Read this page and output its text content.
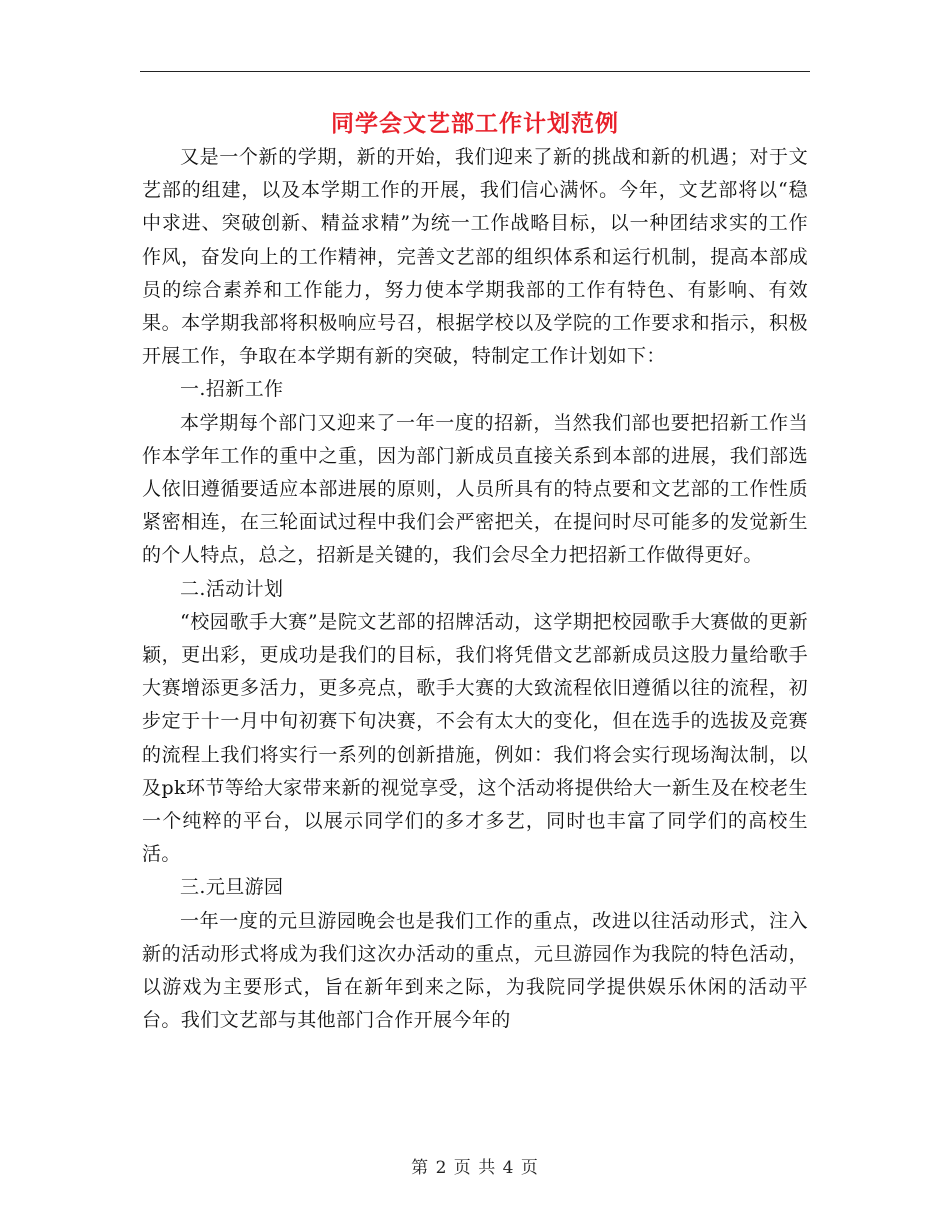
同学会文艺部工作计划范例

又是一个新的学期，新的开始，我们迎来了新的挑战和新的机遇；对于文艺部的组建，以及本学期工作的开展，我们信心满怀。今年，文艺部将以“稳中求进、突破创新、精益求精”为统一工作战略目标，以一种团结求实的工作作风，奋发向上的工作精神，完善文艺部的组织体系和运行机制，提高本部成员的综合素养和工作能力，努力使本学期我部的工作有特色、有影响、有效果。本学期我部将积极响应号召，根据学校以及学院的工作要求和指示，积极开展工作，争取在本学期有新的突破，特制定工作计划如下：

一.招新工作

本学期每个部门又迎来了一年一度的招新，当然我们部也要把招新工作当作本学年工作的重中之重，因为部门新成员直接关系到本部的进展，我们部选人依旧遵循要适应本部进展的原则，人员所具有的特点要和文艺部的工作性质紧密相连，在三轮面试过程中我们会严密把关，在提问时尽可能多的发觉新生的个人特点，总之，招新是关键的，我们会尽全力把招新工作做得更好。

二.活动计划

“校园歌手大赛”是院文艺部的招牌活动，这学期把校园歌手大赛做的更新颖，更出彩，更成功是我们的目标，我们将凭借文艺部新成员这股力量给歌手大赛增添更多活力，更多亮点，歌手大赛的大致流程依旧遵循以往的流程，初步定于十一月中旬初赛下旬决赛，不会有太大的变化，但在选手的选拔及竞赛的流程上我们将实行一系列的创新措施，例如：我们将会实行现场淘汰制，以及pk环节等给大家带来新的视觉享受，这个活动将提供给大一新生及在校老生一个纯粹的平台，以展示同学们的多才多艺，同时也丰富了同学们的高校生活。

三.元旦游园

一年一度的元旦游园晚会也是我们工作的重点，改进以往活动形式，注入新的活动形式将成为我们这次办活动的重点，元旦游园作为我院的特色活动，以游戏为主要形式，旨在新年到来之际，为我院同学提供娱乐休闲的活动平台。我们文艺部与其他部门合作开展今年的

第 2 页 共 4 页
